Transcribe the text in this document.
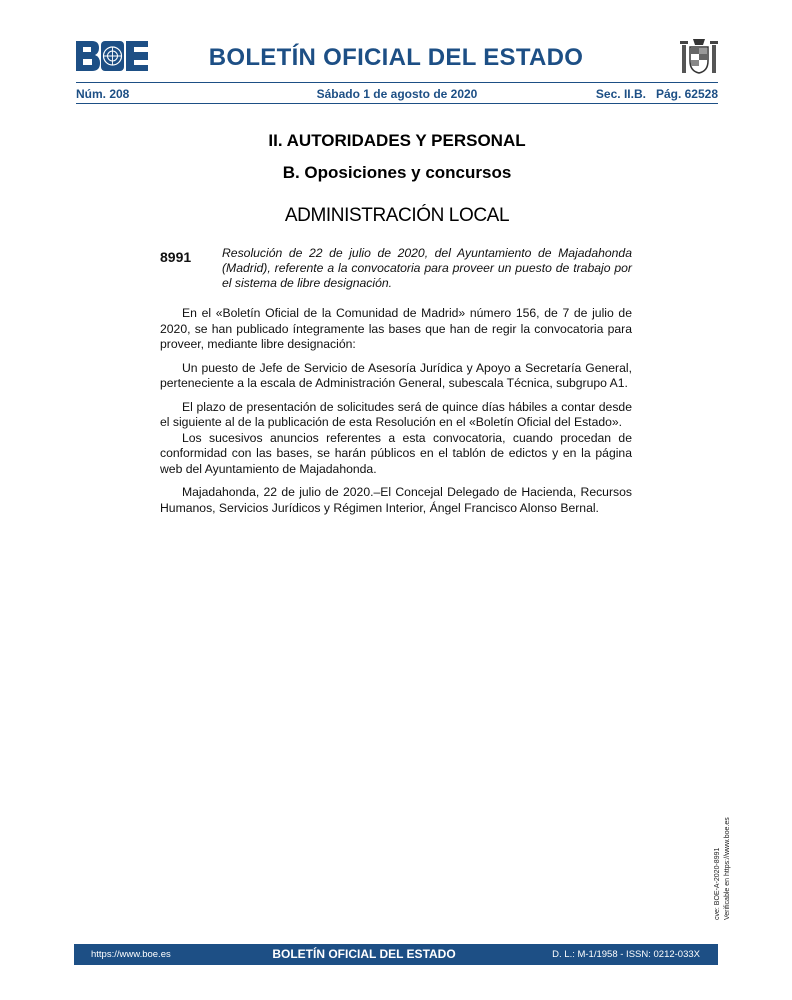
BOLETÍN OFICIAL DEL ESTADO
Núm. 208	Sábado 1 de agosto de 2020	Sec. II.B.   Pág. 62528
II. AUTORIDADES Y PERSONAL
B. Oposiciones y concursos
ADMINISTRACIÓN LOCAL
8991	Resolución de 22 de julio de 2020, del Ayuntamiento de Majadahonda (Madrid), referente a la convocatoria para proveer un puesto de trabajo por el sistema de libre designación.

En el «Boletín Oficial de la Comunidad de Madrid» número 156, de 7 de julio de 2020, se han publicado íntegramente las bases que han de regir la convocatoria para proveer, mediante libre designación:

Un puesto de Jefe de Servicio de Asesoría Jurídica y Apoyo a Secretaría General, perteneciente a la escala de Administración General, subescala Técnica, subgrupo A1.

El plazo de presentación de solicitudes será de quince días hábiles a contar desde el siguiente al de la publicación de esta Resolución en el «Boletín Oficial del Estado».

Los sucesivos anuncios referentes a esta convocatoria, cuando procedan de conformidad con las bases, se harán públicos en el tablón de edictos y en la página web del Ayuntamiento de Majadahonda.

Majadahonda, 22 de julio de 2020.–El Concejal Delegado de Hacienda, Recursos Humanos, Servicios Jurídicos y Régimen Interior, Ángel Francisco Alonso Bernal.

cve: BOE-A-2020-8991 Verificable en https://www.boe.es
https://www.boe.es	BOLETÍN OFICIAL DEL ESTADO	D. L.: M-1/1958 - ISSN: 0212-033X
